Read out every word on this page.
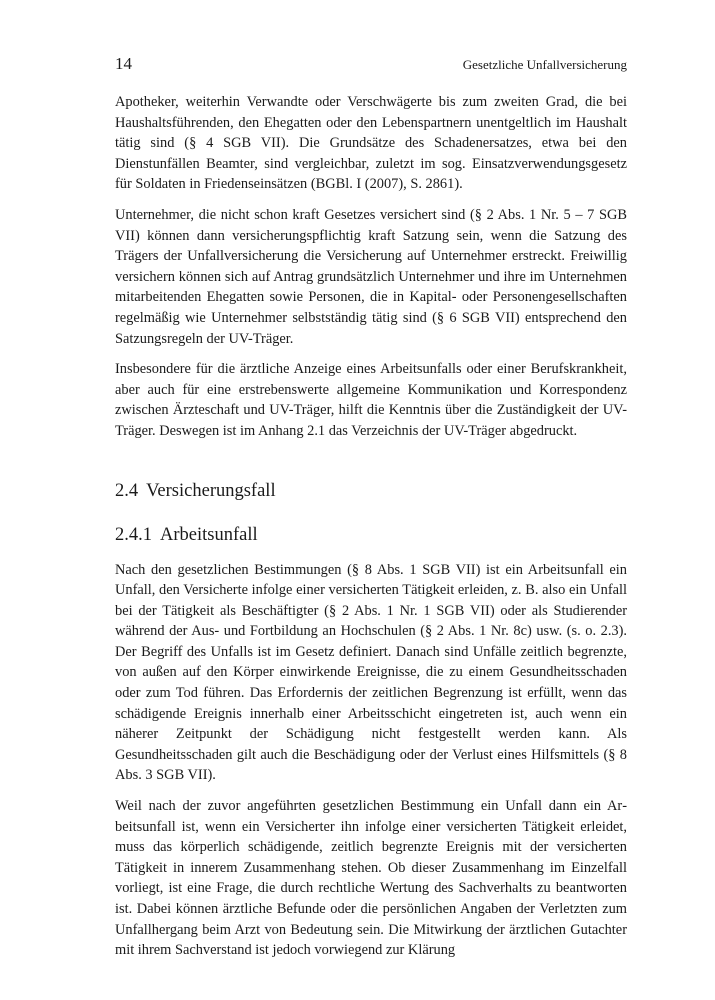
14	Gesetzliche Unfallversicherung

Apotheker, weiterhin Verwandte oder Verschwägerte bis zum zweiten Grad, die bei Haushaltsführenden, den Ehegatten oder den Lebenspartnern unentgeltlich im Haushalt tätig sind (§ 4 SGB VII). Die Grundsätze des Schadenersatzes, etwa bei den Dienstunfällen Beamter, sind vergleichbar, zuletzt im sog. Einsatzverwendungsgesetz für Soldaten in Friedenseinsätzen (BGBl. I (2007), S. 2861).

Unternehmer, die nicht schon kraft Gesetzes versichert sind (§ 2 Abs. 1 Nr. 5 – 7 SGB VII) können dann versicherungspflichtig kraft Satzung sein, wenn die Satzung des Trägers der Unfallversicherung die Versicherung auf Unternehmer erstreckt. Freiwillig versichern können sich auf Antrag grundsätzlich Unternehmer und ihre im Unternehmen mitarbeitenden Ehegatten sowie Personen, die in Kapital- oder Personengesellschaften regelmäßig wie Unternehmer selbstständig tätig sind (§ 6 SGB VII) entsprechend den Satzungsregeln der UV-Träger.

Insbesondere für die ärztliche Anzeige eines Arbeitsunfalls oder einer Berufskrankheit, aber auch für eine erstrebenswerte allgemeine Kommunikation und Korrespondenz zwischen Ärzteschaft und UV-Träger, hilft die Kenntnis über die Zuständigkeit der UV-Träger. Deswegen ist im Anhang 2.1 das Verzeichnis der UV-Träger abgedruckt.

2.4 Versicherungsfall
2.4.1 Arbeitsunfall

Nach den gesetzlichen Bestimmungen (§ 8 Abs. 1 SGB VII) ist ein Arbeitsunfall ein Unfall, den Versicherte infolge einer versicherten Tätigkeit erleiden, z. B. also ein Unfall bei der Tätigkeit als Beschäftigter (§ 2 Abs. 1 Nr. 1 SGB VII) oder als Studierender während der Aus- und Fortbildung an Hochschulen (§ 2 Abs. 1 Nr. 8c) usw. (s. o. 2.3). Der Begriff des Unfalls ist im Gesetz definiert. Danach sind Unfälle zeitlich begrenzte, von außen auf den Körper einwirkende Ereignisse, die zu einem Gesundheitsschaden oder zum Tod führen. Das Erfordernis der zeitlichen Begrenzung ist erfüllt, wenn das schädigende Ereignis innerhalb einer Arbeitsschicht eingetreten ist, auch wenn ein näherer Zeitpunkt der Schädigung nicht festgestellt werden kann. Als Gesundheitsschaden gilt auch die Beschädigung oder der Verlust eines Hilfsmittels (§ 8 Abs. 3 SGB VII).

Weil nach der zuvor angeführten gesetzlichen Bestimmung ein Unfall dann ein Arbeitsunfall ist, wenn ein Versicherter ihn infolge einer versicherten Tätigkeit erleidet, muss das körperlich schädigende, zeitlich begrenzte Ereignis mit der versicherten Tätigkeit in innerem Zusammenhang stehen. Ob dieser Zusammenhang im Einzelfall vorliegt, ist eine Frage, die durch rechtliche Wertung des Sachverhalts zu beantworten ist. Dabei können ärztliche Befunde oder die persönlichen Angaben der Verletzten zum Unfallhergang beim Arzt von Bedeutung sein. Die Mitwirkung der ärztlichen Gutachter mit ihrem Sachverstand ist jedoch vorwiegend zur Klärung
